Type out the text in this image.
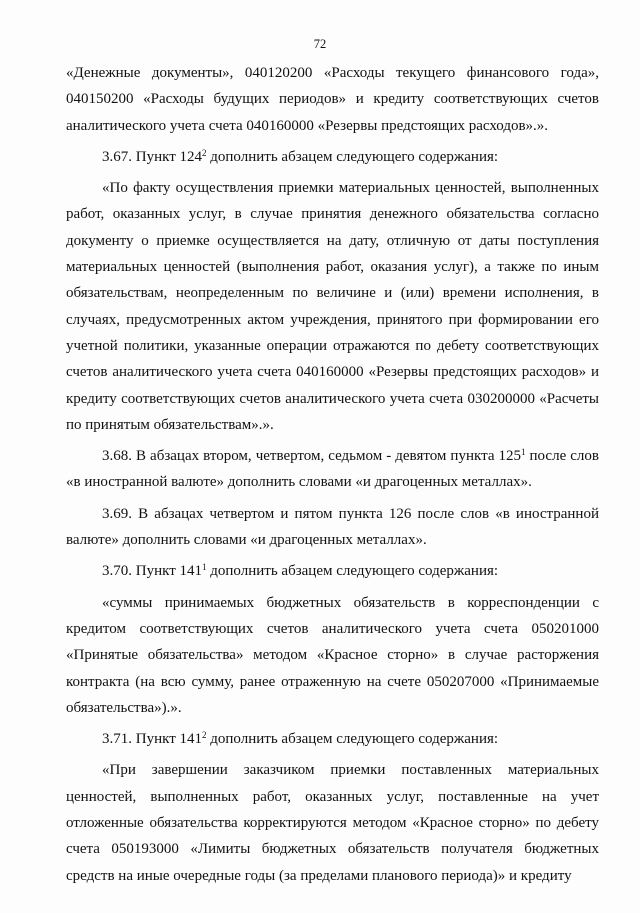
72

«Денежные документы», 040120200 «Расходы текущего финансового года», 040150200 «Расходы будущих периодов» и кредиту соответствующих счетов аналитического учета счета 040160000 «Резервы предстоящих расходов».».

3.67. Пункт $124^2$ дополнить абзацем следующего содержания:

«По факту осуществления приемки материальных ценностей, выполненных работ, оказанных услуг, в случае принятия денежного обязательства согласно документу о приемке осуществляется на дату, отличную от даты поступления материальных ценностей (выполнения работ, оказания услуг), а также по иным обязательствам, неопределенным по величине и (или) времени исполнения, в случаях, предусмотренных актом учреждения, принятого при формировании его учетной политики, указанные операции отражаются по дебету соответствующих счетов аналитического учета счета 040160000 «Резервы предстоящих расходов» и кредиту соответствующих счетов аналитического учета счета 030200000 «Расчеты по принятым обязательствам».».

3.68. В абзацах втором, четвертом, седьмом - девятом пункта $125^1$ после слов «в иностранной валюте» дополнить словами «и драгоценных металлах».

3.69. В абзацах четвертом и пятом пункта 126 после слов «в иностранной валюте» дополнить словами «и драгоценных металлах».

3.70. Пункт $141^1$ дополнить абзацем следующего содержания:

«суммы принимаемых бюджетных обязательств в корреспонденции с кредитом соответствующих счетов аналитического учета счета 050201000 «Принятые обязательства» методом «Красное сторно» в случае расторжения контракта (на всю сумму, ранее отраженную на счете 050207000 «Принимаемые обязательства»).».

3.71. Пункт $141^2$ дополнить абзацем следующего содержания:

«При завершении заказчиком приемки поставленных материальных ценностей, выполненных работ, оказанных услуг, поставленные на учет отложенные обязательства корректируются методом «Красное сторно» по дебету счета 050193000 «Лимиты бюджетных обязательств получателя бюджетных средств на иные очередные годы (за пределами планового периода)» и кредиту
